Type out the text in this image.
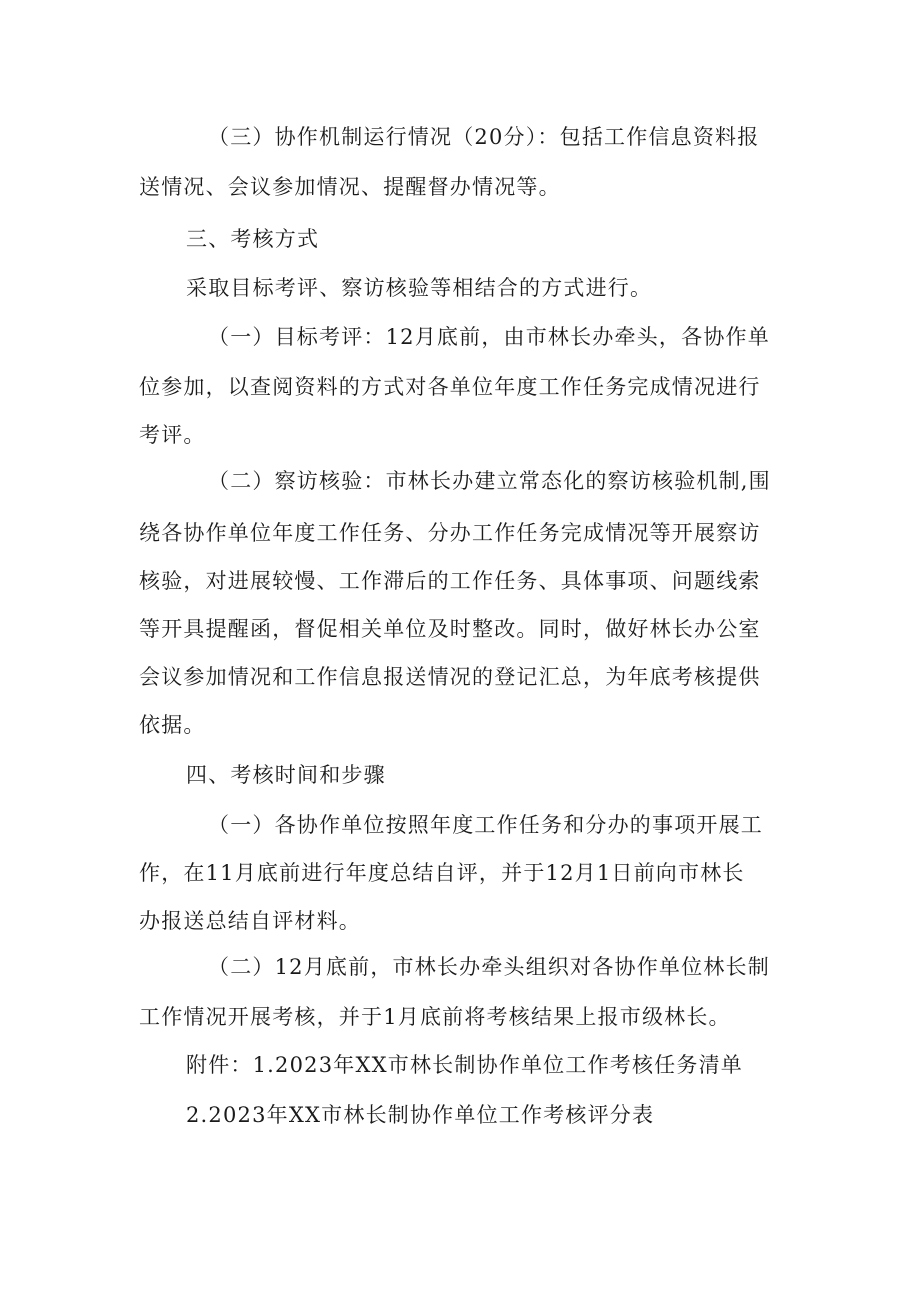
（三）协作机制运行情况（20分）：包括工作信息资料报
送情况、会议参加情况、提醒督办情况等。
三、考核方式
采取目标考评、察访核验等相结合的方式进行。
（一）目标考评：12月底前，由市林长办牵头，各协作单
位参加，以查阅资料的方式对各单位年度工作任务完成情况进行
考评。
（二）察访核验：市林长办建立常态化的察访核验机制,围
绕各协作单位年度工作任务、分办工作任务完成情况等开展察访
核验，对进展较慢、工作滞后的工作任务、具体事项、问题线索
等开具提醒函，督促相关单位及时整改。同时，做好林长办公室
会议参加情况和工作信息报送情况的登记汇总，为年底考核提供
依据。
四、考核时间和步骤
（一）各协作单位按照年度工作任务和分办的事项开展工
作，在11月底前进行年度总结自评，并于12月1日前向市林长
办报送总结自评材料。
（二）12月底前，市林长办牵头组织对各协作单位林长制
工作情况开展考核，并于1月底前将考核结果上报市级林长。
附件：1.2023年XX市林长制协作单位工作考核任务清单
2.2023年XX市林长制协作单位工作考核评分表
